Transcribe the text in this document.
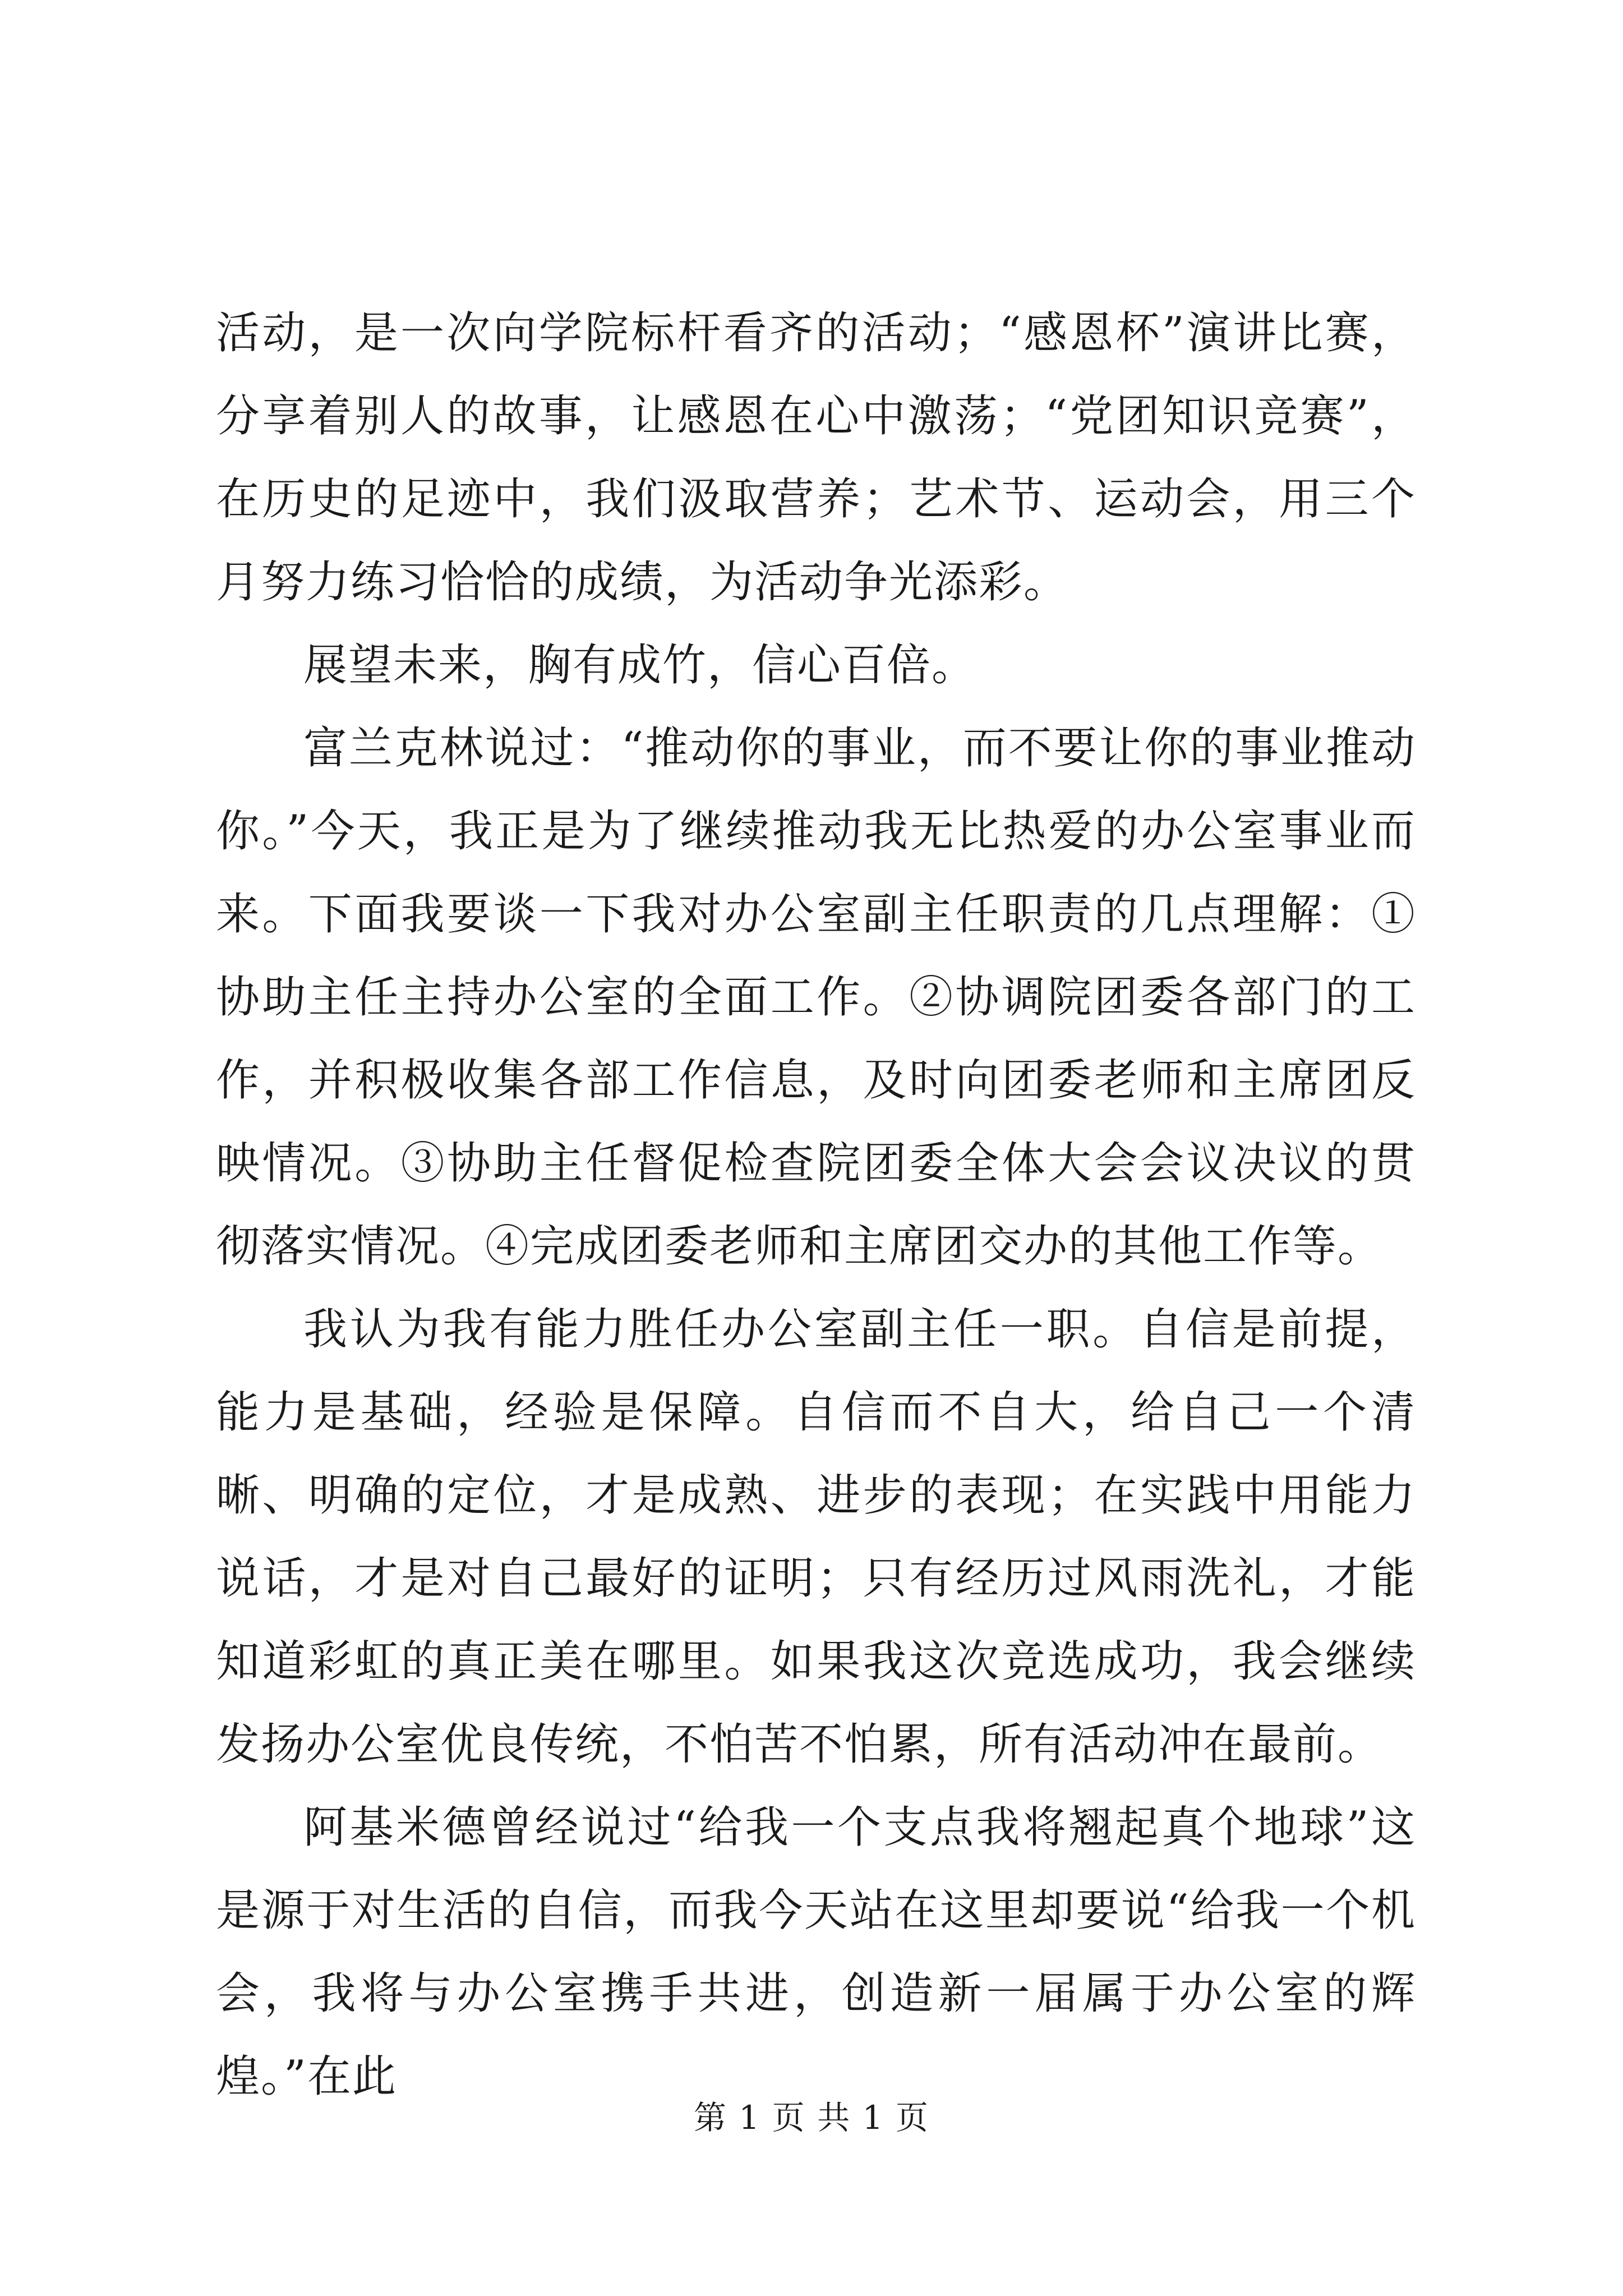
活动，是一次向学院标杆看齐的活动；“感恩杯”演讲比赛，分享着别人的故事，让感恩在心中激荡；“党团知识竞赛”，在历史的足迹中，我们汲取营养；艺术节、运动会，用三个月努力练习恰恰的成绩，为活动争光添彩。

展望未来，胸有成竹，信心百倍。

富兰克林说过：“推动你的事业，而不要让你的事业推动你。”今天，我正是为了继续推动我无比热爱的办公室事业而来。下面我要谈一下我对办公室副主任职责的几点理解：①协助主任主持办公室的全面工作。②协调院团委各部门的工作，并积极收集各部工作信息，及时向团委老师和主席团反映情况。③协助主任督促检查院团委全体大会会议决议的贯彻落实情况。④完成团委老师和主席团交办的其他工作等。

我认为我有能力胜任办公室副主任一职。自信是前提，能力是基础，经验是保障。自信而不自大，给自己一个清晰、明确的定位，才是成熟、进步的表现；在实践中用能力说话，才是对自己最好的证明；只有经历过风雨洗礼，才能知道彩虹的真正美在哪里。如果我这次竞选成功，我会继续发扬办公室优良传统，不怕苦不怕累，所有活动冲在最前。

阿基米德曾经说过“给我一个支点我将翘起真个地球”这是源于对生活的自信，而我今天站在这里却要说“给我一个机会，我将与办公室携手共进，创造新一届属于办公室的辉煌。”在此

第 1 页 共 1 页
